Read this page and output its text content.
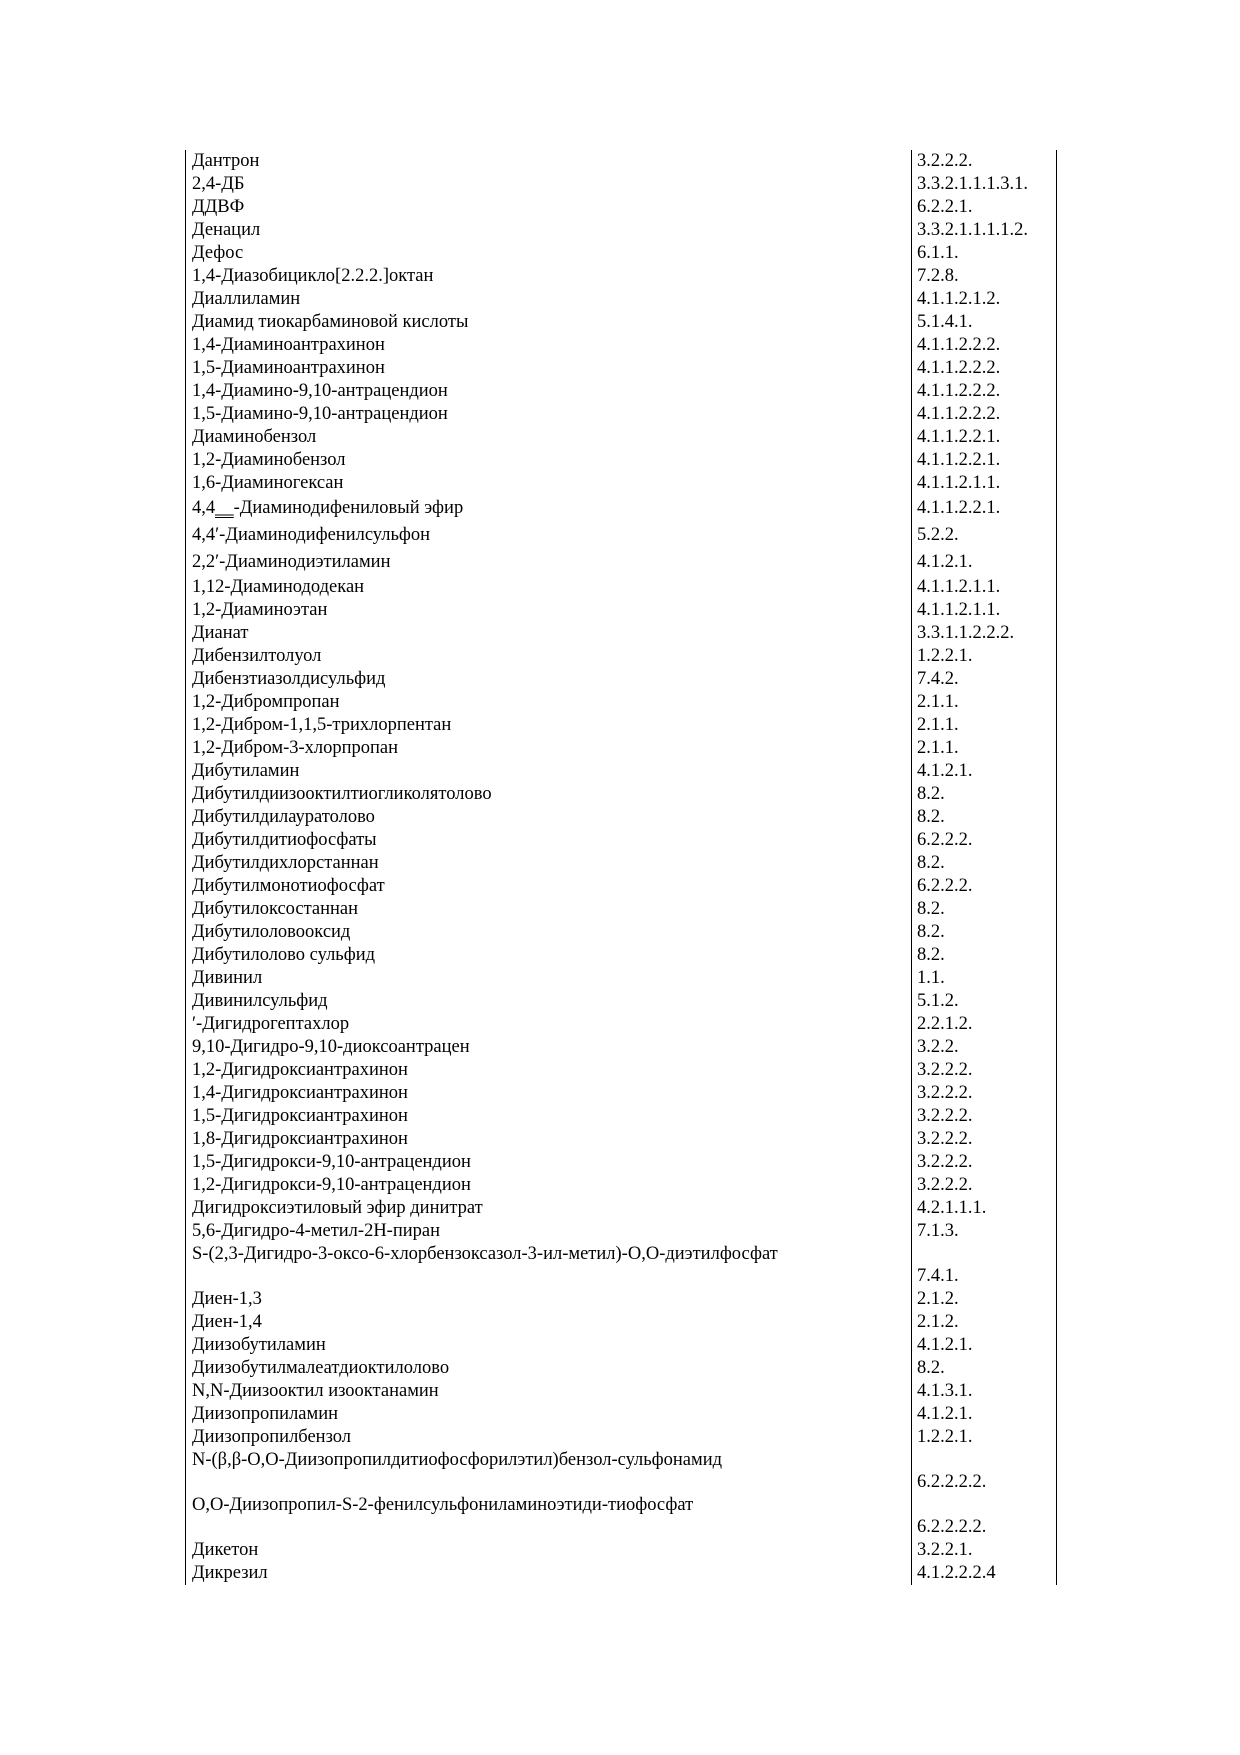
Дантрон	3.2.2.2.
2,4-ДБ	3.3.2.1.1.1.3.1.
ДДВФ	6.2.2.1.
Денацил	3.3.2.1.1.1.1.2.
Дефос	6.1.1.
1,4-Диазобицикло[2.2.2.]октан	7.2.8.
Диаллиламин	4.1.1.2.1.2.
Диамид тиокарбаминовой кислоты	5.1.4.1.
1,4-Диаминоантрахинон	4.1.1.2.2.2.
1,5-Диаминоантрахинон	4.1.1.2.2.2.
1,4-Диамино-9,10-антрацендион	4.1.1.2.2.2.
1,5-Диамино-9,10-антрацендион	4.1.1.2.2.2.
Диаминобензол	4.1.1.2.2.1.
1,2-Диаминобензол	4.1.1.2.2.1.
1,6-Диаминогексан	4.1.1.2.1.1.
4,4‗‗-Диаминодифениловый эфир	4.1.1.2.2.1.
4,4′-Диаминодифенилсульфон	5.2.2.
2,2′-Диаминодиэтиламин	4.1.2.1.
1,12-Диаминододекан	4.1.1.2.1.1.
1,2-Диаминоэтан	4.1.1.2.1.1.
Дианат	3.3.1.1.2.2.2.
Дибензилтолуол	1.2.2.1.
Дибензтиазолдисульфид	7.4.2.
1,2-Дибромпропан	2.1.1.
1,2-Дибром-1,1,5-трихлорпентан	2.1.1.
1,2-Дибром-3-хлорпропан	2.1.1.
Дибутиламин	4.1.2.1.
Дибутилдиизооктилтиогликолятолово	8.2.
Дибутилдилауратолово	8.2.
Дибутилдитиофосфаты	6.2.2.2.
Дибутилдихлорстаннан	8.2.
Дибутилмонотиофосфат	6.2.2.2.
Дибутилоксостаннан	8.2.
Дибутилоловооксид	8.2.
Дибутилолово сульфид	8.2.
Дивинил	1.1.
Дивинилсульфид	5.1.2.
′-Дигидрогептахлор	2.2.1.2.
9,10-Дигидро-9,10-диоксоантрацен	3.2.2.
1,2-Дигидроксиантрахинон	3.2.2.2.
1,4-Дигидроксиантрахинон	3.2.2.2.
1,5-Дигидроксиантрахинон	3.2.2.2.
1,8-Дигидроксиантрахинон	3.2.2.2.
1,5-Дигидрокси-9,10-антрацендион	3.2.2.2.
1,2-Дигидрокси-9,10-антрацендион	3.2.2.2.
Дигидроксиэтиловый эфир динитрат	4.2.1.1.1.
5,6-Дигидро-4-метил-2H-пиран	7.1.3.
S-(2,3-Дигидро-3-оксо-6-хлорбензоксазол-3-ил-метил)-O,O-диэтилфосфат
7.4.1.
Диен-1,3	2.1.2.
Диен-1,4	2.1.2.
Диизобутиламин	4.1.2.1.
Диизобутилмалеатдиоктилолово	8.2.
N,N-Диизооктил изооктанамин	4.1.3.1.
Диизопропиламин	4.1.2.1.
Диизопропилбензол	1.2.2.1.
N-(β,β-O,O-Диизопропилдитиофосфорилэтил)бензол-сульфонамид
6.2.2.2.2.
O,O-Диизопропил-S-2-фенилсульфониламиноэтиди-тиофосфат
6.2.2.2.2.
Дикетон	3.2.2.1.
Дикрезил	4.1.2.2.2.4
